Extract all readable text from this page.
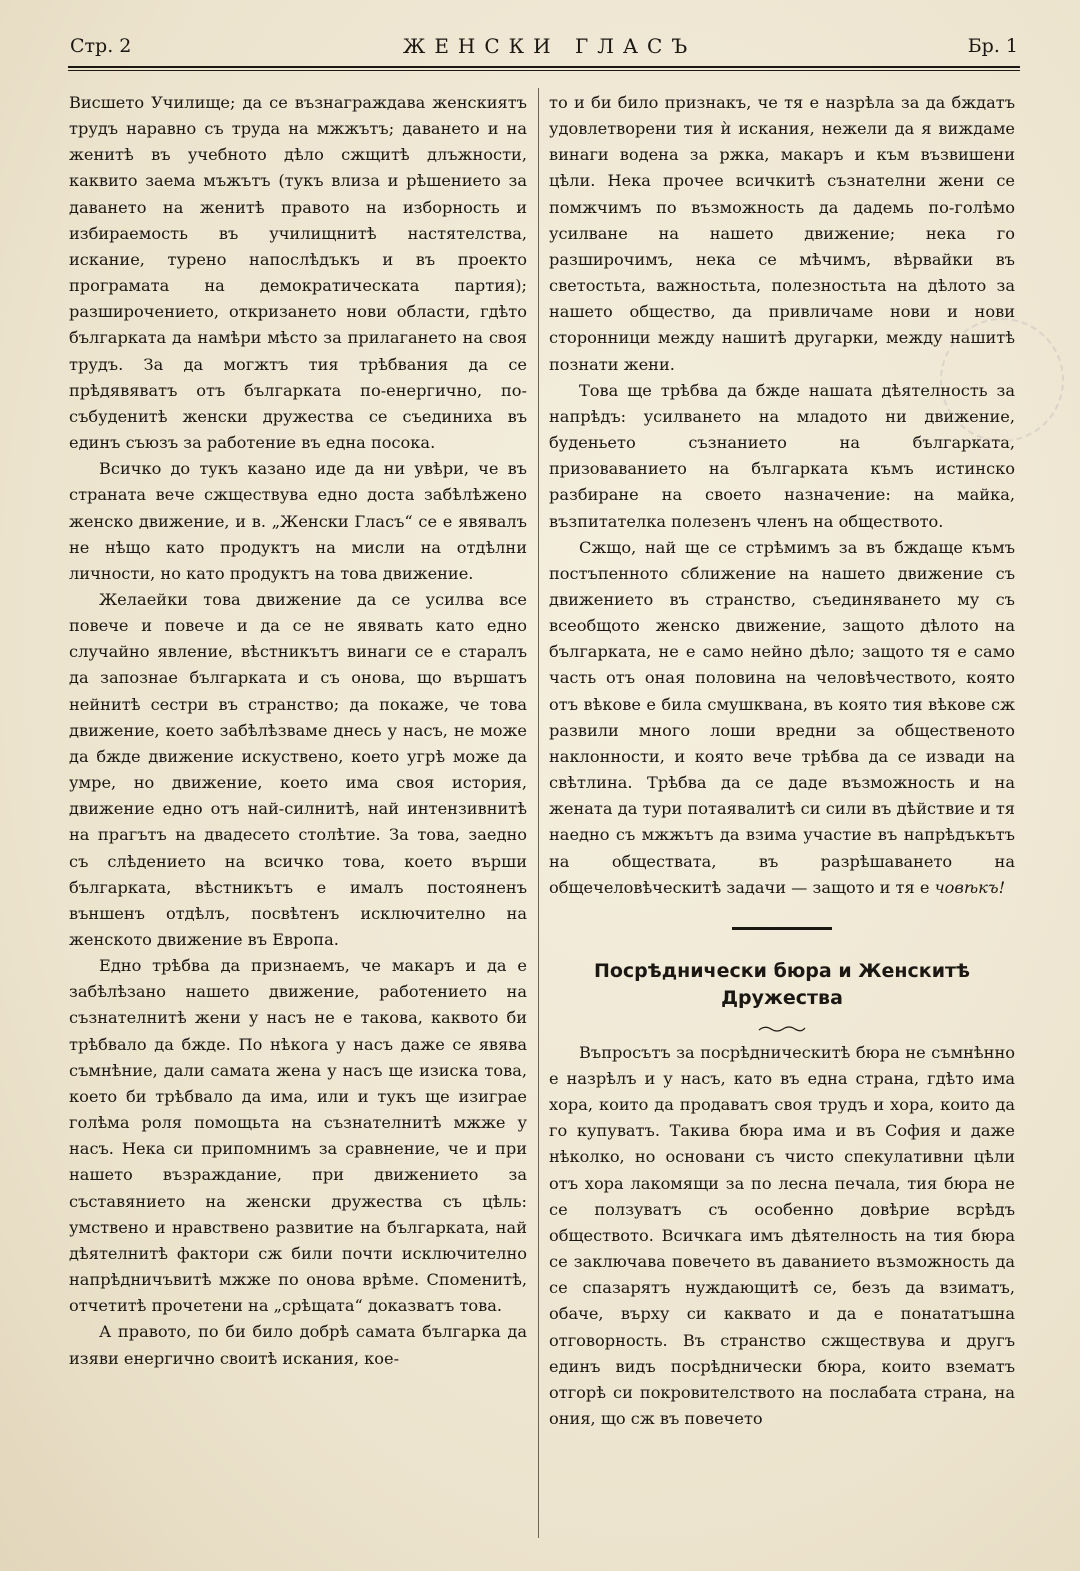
Стр. 2	ЖЕНСКИ ГЛАСЪ	Бр. 1

Висшето Училище; да се възнаграждава женскиятъ трудъ наравно съ труда на мжжътъ; даването и на женитѣ въ учебното дѣло сжщитѣ длъжности, каквито заема мъжътъ (тукъ влиза и рѣшението за даването на женитѣ правото на изборность и избираемость въ училищнитѣ настятелства, искание, турено напослѣдъкъ и въ проекто програмата на демократическата партия); разширочението, откризането нови области, гдѣто българката да намѣри мѣсто за прилагането на своя трудъ. За да могжтъ тия трѣбвания да се прѣдявяватъ отъ българката по-енергично, по-събуденитѣ женски дружества се съединиха въ единъ съюзъ за работение въ една посока.

Всичко до тукъ казано иде да ни увѣри, че въ страната вече сжществува едно доста забѣлѣжено женско движение, и в. „Женски Гласъ“ се е явявалъ не нѣщо като продуктъ на мисли на отдѣлни личности, но като продуктъ на това движение.

Желаейки това движение да се усилва все повече и повече и да се не явявать като едно случайно явление, вѣстникътъ винаги се е старалъ да запознае българката и съ онова, що вършатъ нейнитѣ сестри въ странство; да покаже, че това движение, което забѣлѣзваме днесь у насъ, не може да бжде движение искуствено, което угрѣ може да умре, но движение, което има своя история, движение едно отъ най-силнитѣ, най интензивнитѣ на прагътъ на двадесето столѣтие. За това, заедно съ слѣдението на всичко това, което върши българката, вѣстникътъ е ималъ постояненъ външенъ отдѣлъ, посвѣтенъ исключително на женското движение въ Европа.

Едно трѣбва да признаемъ, че макаръ и да е забѣлѣзано нашето движение, работението на съзнателнитѣ жени у насъ не е такова, каквото би трѣбвало да бжде. По нѣкога у насъ даже се явява съмнѣние, дали самата жена у насъ ще изиска това, което би трѣбвало да има, или и тукъ ще изиграе голѣма роля помощьта на съзнателнитѣ мжже у насъ. Нека си припомнимъ за сравнение, че и при нашето възраждание, при движението за съставянието на женски дружества съ цѣль: умствено и нравствено развитие на българката, най дѣятелнитѣ фактори сж били почти исключително напрѣдничъвитѣ мжже по онова врѣме. Споменитѣ, отчетитѣ прочетени на „срѣщата“ доказватъ това.

А правото, по би било добрѣ самата българка да изяви енергично своитѣ искания, кое-

то и би било признакъ, че тя е назрѣла за да бждатъ удовлетворени тия ѝ искания, нежели да я виждаме винаги водена за ржка, макаръ и към възвишени цѣли. Нека прочее всичкитѣ съзнателни жени се помжчимъ по възможность да дадемь по-голѣмо усилване на нашето движение; нека го разширочимъ, нека се мѣчимъ, вѣрвайки въ светостьта, важностьта, полезностьта на дѣлото за нашето общество, да привличаме нови и нови сторонници между нашитѣ другарки, между нашитѣ познати жени.

Това ще трѣбва да бжде нашата дѣятелность за напрѣдъ: усилването на младото ни движение, буденьето съзнанието на българката, призоваванието на българката къмъ истинско разбиране на своето назначение: на майка, възпитателка полезенъ членъ на обществото.

Сжщо, най ще се стрѣмимъ за въ бждаще къмъ постъпенното сближение на нашето движение съ движението въ странство, съединяването му съ всеобщото женско движение, защото дѣлото на българката, не е само нейно дѣло; защото тя е само часть отъ оная половина на человѣчеството, която отъ вѣкове е била смушквана, въ която тия вѣкове сж развили много лоши вредни за общественото наклонности, и която вече трѣбва да се извади на свѣтлина. Трѣбва да се даде възможность и на жената да тури потаявалитѣ си сили въ дѣйствие и тя наедно съ мжжътъ да взима участие въ напрѣдъкътъ на обществата, въ разрѣшаването на общечеловѣческитѣ задачи — защото и тя е човѣкъ!

Посрѣднически бюра и Женскитѣ
Дружества

Въпросътъ за посрѣдническитѣ бюра не съмнѣнно е назрѣлъ и у насъ, като въ една страна, гдѣто има хора, които да продаватъ своя трудъ и хора, които да го купуватъ. Такива бюра има и въ София и даже нѣколко, но основани съ чисто спекулативни цѣли отъ хора лакомящи за по лесна печала, тия бюра не се ползуватъ съ особенно довѣрие всрѣдъ обществото. Всичкага имъ дѣятелность на тия бюра се заключава повечето въ даванието възможность да се спазарятъ нуждающитѣ се, безъ да взиматъ, обаче, върху си каквато и да е понататъшна отговорность. Въ странство сжществува и другъ единъ видъ посрѣднически бюра, които взематъ отгорѣ си покровителството на послабата страна, на ония, що сж въ повечето
